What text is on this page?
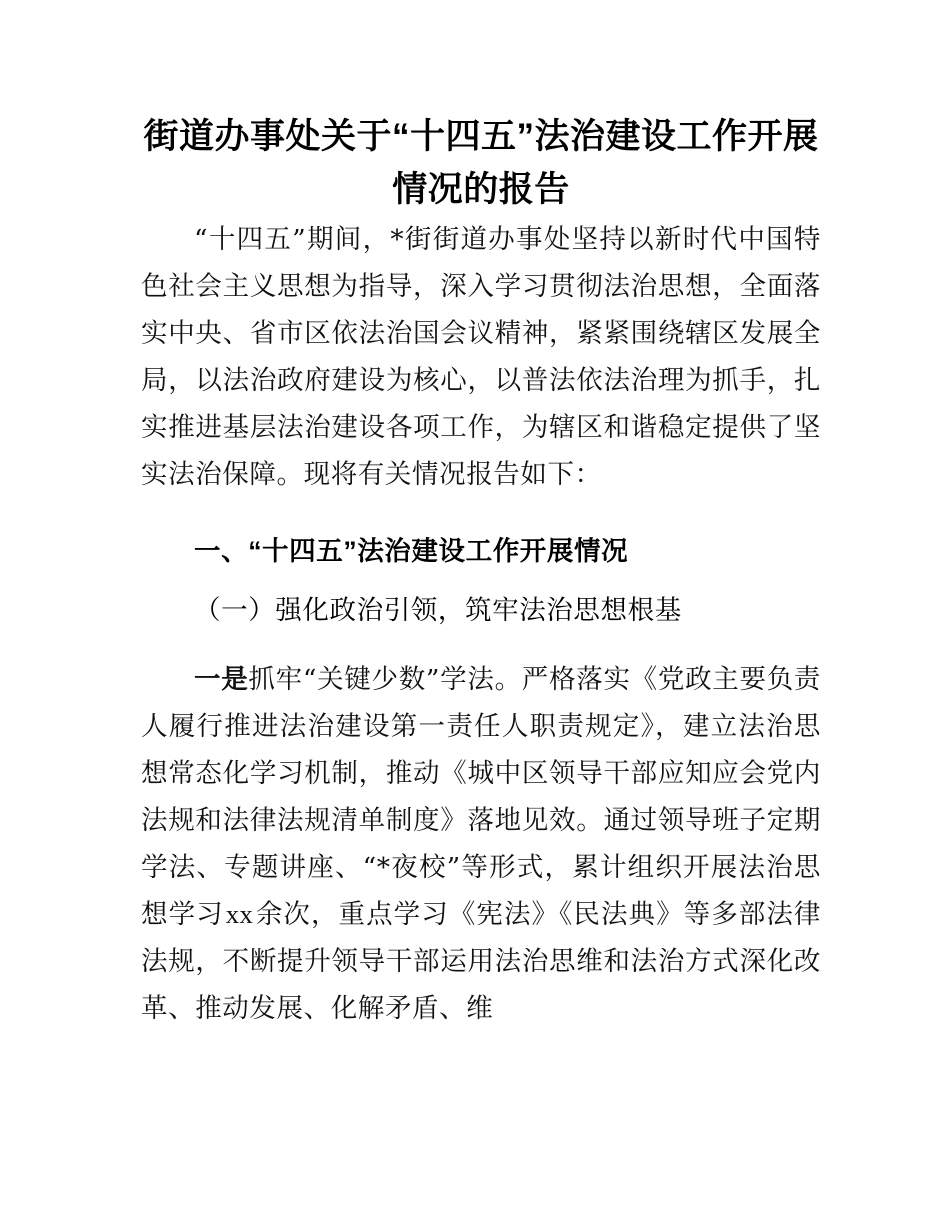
街道办事处关于“十四五”法治建设工作开展情况的报告

“十四五”期间，*街街道办事处坚持以新时代中国特色社会主义思想为指导，深入学习贯彻法治思想，全面落实中央、省市区依法治国会议精神，紧紧围绕辖区发展全局，以法治政府建设为核心，以普法依法治理为抓手，扎实推进基层法治建设各项工作，为辖区和谐稳定提供了坚实法治保障。现将有关情况报告如下：

一、“十四五”法治建设工作开展情况
（一）强化政治引领，筑牢法治思想根基

一是抓牢“关键少数”学法。严格落实《党政主要负责人履行推进法治建设第一责任人职责规定》，建立法治思想常态化学习机制，推动《城中区领导干部应知应会党内法规和法律法规清单制度》落地见效。通过领导班子定期学法、专题讲座、“*夜校”等形式，累计组织开展法治思想学习xx余次，重点学习《宪法》《民法典》等多部法律法规，不断提升领导干部运用法治思维和法治方式深化改革、推动发展、化解矛盾、维
